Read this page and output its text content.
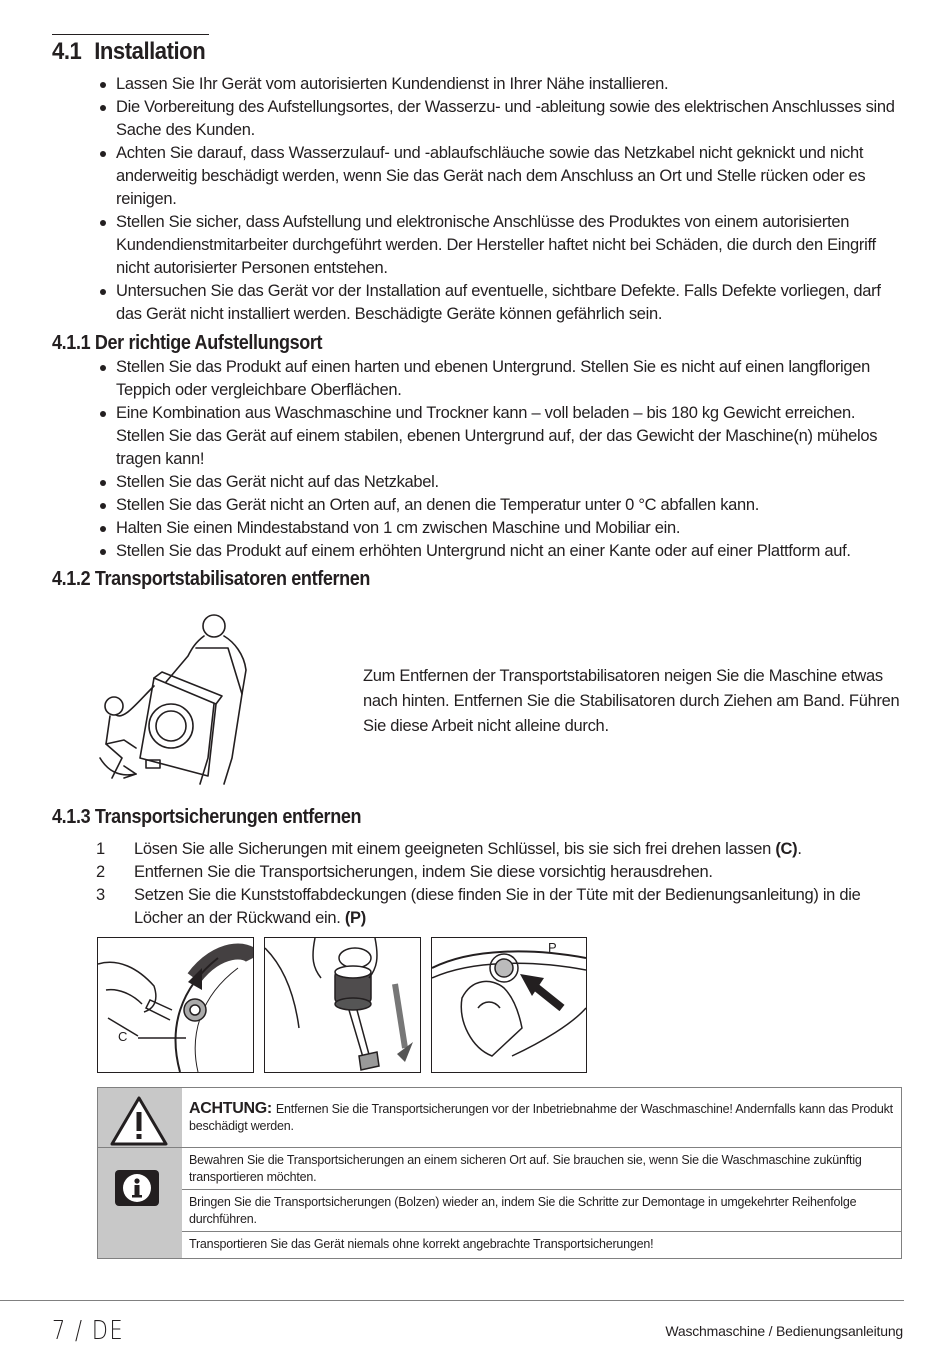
4.1 Installation
Lassen Sie Ihr Gerät vom autorisierten Kundendienst in Ihrer Nähe installieren.
Die Vorbereitung des Aufstellungsortes, der Wasserzu- und -ableitung sowie des elektrischen Anschlusses sind Sache des Kunden.
Achten Sie darauf, dass Wasserzulauf- und -ablaufschläuche sowie das Netzkabel nicht geknickt und nicht anderweitig beschädigt werden, wenn Sie das Gerät nach dem Anschluss an Ort und Stelle rücken oder es reinigen.
Stellen Sie sicher, dass Aufstellung und elektronische Anschlüsse des Produktes von einem autorisierten Kundendienstmitarbeiter durchgeführt werden. Der Hersteller haftet nicht bei Schäden, die durch den Eingriff nicht autorisierter Personen entstehen.
Untersuchen Sie das Gerät vor der Installation auf eventuelle, sichtbare Defekte. Falls Defekte vorliegen, darf das Gerät nicht installiert werden. Beschädigte Geräte können gefährlich sein.
4.1.1 Der richtige Aufstellungsort
Stellen Sie das Produkt auf einen harten und ebenen Untergrund. Stellen Sie es nicht auf einen langflorigen Teppich oder vergleichbare Oberflächen.
Eine Kombination aus Waschmaschine und Trockner kann – voll beladen – bis 180 kg Gewicht erreichen. Stellen Sie das Gerät auf einem stabilen, ebenen Untergrund auf, der das Gewicht der Maschine(n) mühelos tragen kann!
Stellen Sie das Gerät nicht auf das Netzkabel.
Stellen Sie das Gerät nicht an Orten auf, an denen die Temperatur unter 0 °C abfallen kann.
Halten Sie einen Mindestabstand von 1 cm zwischen Maschine und Mobiliar ein.
Stellen Sie das Produkt auf einem erhöhten Untergrund nicht an einer Kante oder auf einer Plattform auf.
4.1.2 Transportstabilisatoren entfernen

Zum Entfernen der Transportstabilisatoren neigen Sie die Maschine etwas nach hinten. Entfernen Sie die Stabilisatoren durch Ziehen am Band. Führen Sie diese Arbeit nicht alleine durch.

4.1.3 Transportsicherungen entfernen
1 Lösen Sie alle Sicherungen mit einem geeigneten Schlüssel, bis sie sich frei drehen lassen (C).
2 Entfernen Sie die Transportsicherungen, indem Sie diese vorsichtig herausdrehen.
3 Setzen Sie die Kunststoffabdeckungen (diese finden Sie in der Tüte mit der Bedienungsanleitung) in die Löcher an der Rückwand ein. (P)
C
P
ACHTUNG: Entfernen Sie die Transportsicherungen vor der Inbetriebnahme der Waschmaschine! Andernfalls kann das Produkt beschädigt werden.
Bewahren Sie die Transportsicherungen an einem sicheren Ort auf. Sie brauchen sie, wenn Sie die Waschmaschine zukünftig transportieren möchten.
Bringen Sie die Transportsicherungen (Bolzen) wieder an, indem Sie die Schritte zur Demontage in umgekehrter Reihenfolge durchführen.
Transportieren Sie das Gerät niemals ohne korrekt angebrachte Transportsicherungen!
7 / DE	Waschmaschine / Bedienungsanleitung
